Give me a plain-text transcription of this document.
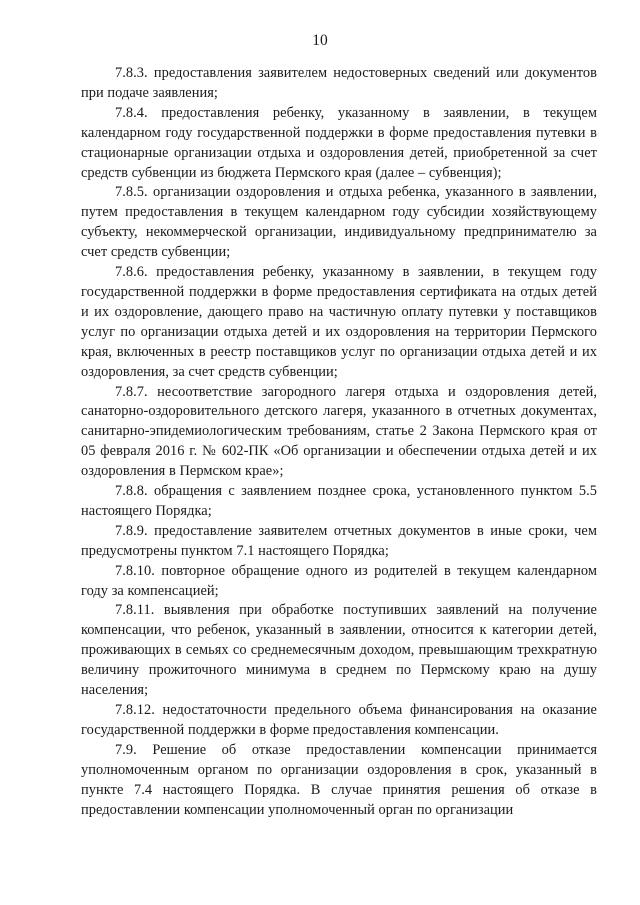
10

7.8.3. предоставления заявителем недостоверных сведений или документов при подаче заявления;

7.8.4. предоставления ребенку, указанному в заявлении, в текущем календарном году государственной поддержки в форме предоставления путевки в стационарные организации отдыха и оздоровления детей, приобретенной за счет средств субвенции из бюджета Пермского края (далее – субвенция);

7.8.5. организации оздоровления и отдыха ребенка, указанного в заявлении, путем предоставления в текущем календарном году субсидии хозяйствующему субъекту, некоммерческой организации, индивидуальному предпринимателю за счет средств субвенции;

7.8.6. предоставления ребенку, указанному в заявлении, в текущем году государственной поддержки в форме предоставления сертификата на отдых детей и их оздоровление, дающего право на частичную оплату путевки у поставщиков услуг по организации отдыха детей и их оздоровления на территории Пермского края, включенных в реестр поставщиков услуг по организации отдыха детей и их оздоровления, за счет средств субвенции;

7.8.7. несоответствие загородного лагеря отдыха и оздоровления детей, санаторно-оздоровительного детского лагеря, указанного в отчетных документах, санитарно-эпидемиологическим требованиям, статье 2 Закона Пермского края от 05 февраля 2016 г. № 602-ПК «Об организации и обеспечении отдыха детей и их оздоровления в Пермском крае»;

7.8.8. обращения с заявлением позднее срока, установленного пунктом 5.5 настоящего Порядка;

7.8.9. предоставление заявителем отчетных документов в иные сроки, чем предусмотрены пунктом 7.1 настоящего Порядка;

7.8.10. повторное обращение одного из родителей в текущем календарном году за компенсацией;

7.8.11. выявления при обработке поступивших заявлений на получение компенсации, что ребенок, указанный в заявлении, относится к категории детей, проживающих в семьях со среднемесячным доходом, превышающим трехкратную величину прожиточного минимума в среднем по Пермскому краю на душу населения;

7.8.12. недостаточности предельного объема финансирования на оказание государственной поддержки в форме предоставления компенсации.

7.9. Решение об отказе предоставлении компенсации принимается уполномоченным органом по организации оздоровления в срок, указанный в пункте 7.4 настоящего Порядка. В случае принятия решения об отказе в предоставлении компенсации уполномоченный орган по организации
